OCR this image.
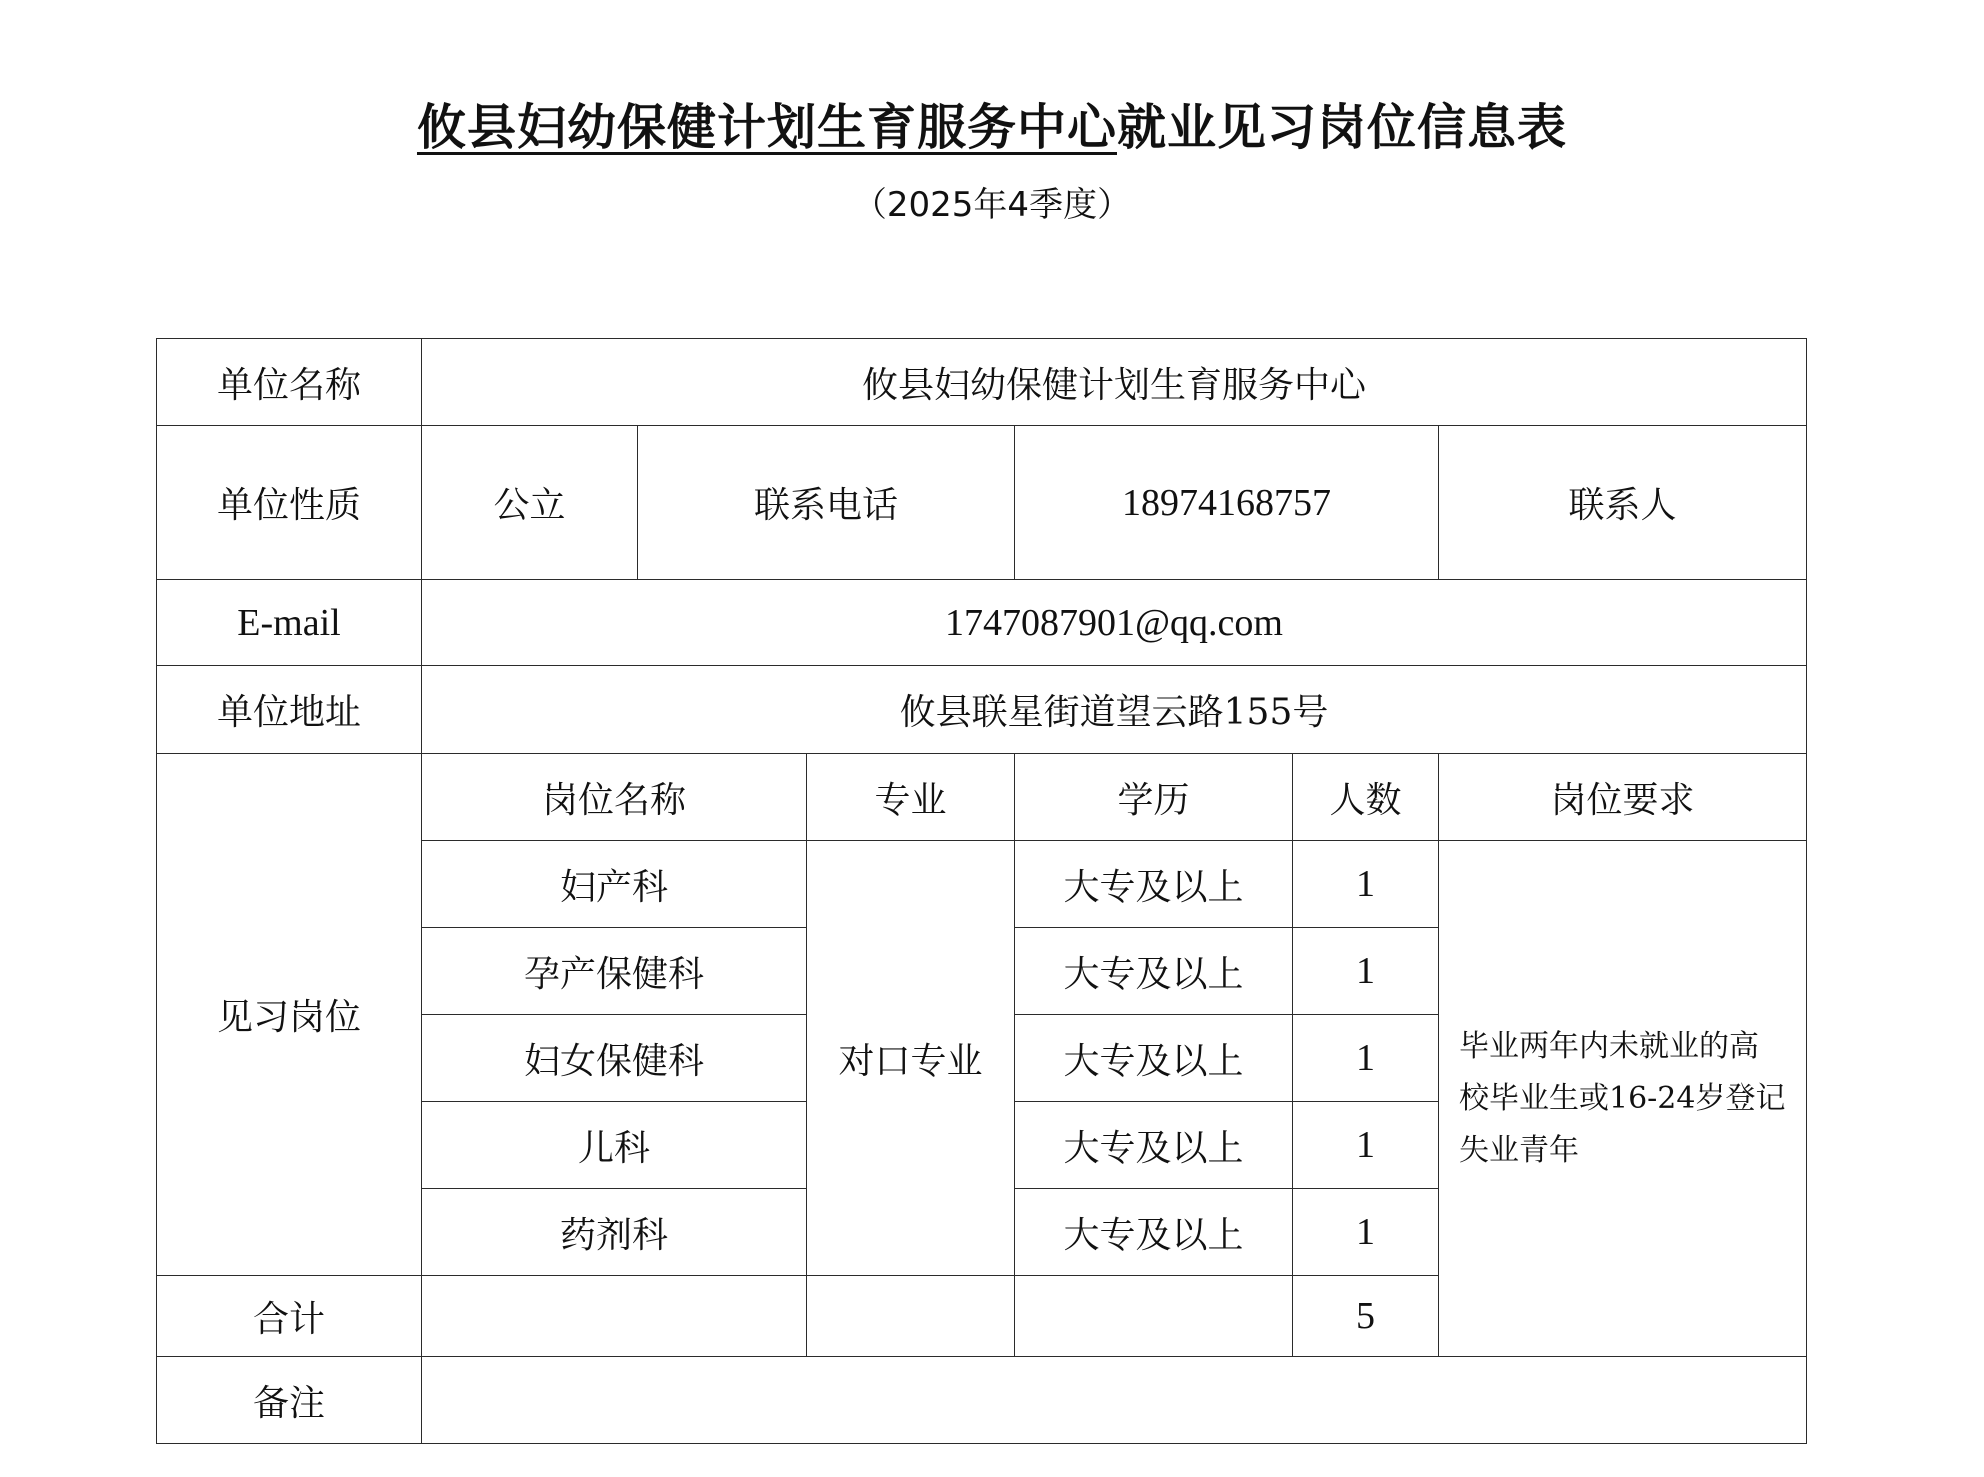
攸县妇幼保健计划生育服务中心就业见习岗位信息表
（2025年4季度）
单位名称	攸县妇幼保健计划生育服务中心						
单位性质	公立	联系电话		18974168757		联系人	
E-mail	1747087901@qq.com						
单位地址	攸县联星街道望云路155号						
见习岗位	岗位名称		专业	学历	人数	岗位要求	
	妇产科		对口专业	大专及以上	1	毕业两年内未就业的高校毕业生或16-24岁登记失业青年	
	孕产保健科			大专及以上	1		
	妇女保健科			大专及以上	1		
	儿科			大专及以上	1		
	药剂科			大专及以上	1		
合计					5		
备注							
